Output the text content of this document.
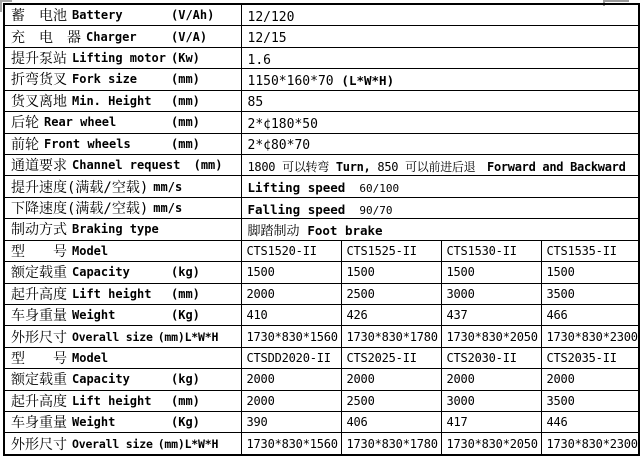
蓄　电池 Battery (V/Ah)	12/120			

充　电　器 Charger (V/A)	12/15			

提升泵站 Lifting motor (Kw)	1.6			

折弯货叉 Fork size (mm)	1150*160*70 (L*W*H)			

货叉离地 Min. Height (mm)	85			

后轮 Rear wheel (mm)	2*¢180*50			

前轮 Front wheels (mm)	2*¢80*70			

通道要求 Channel request (mm)	1800 可以转弯 Turn, 850 可以前进后退　Forward and Backward			

提升速度(满载/空载) mm/s	Lifting speed 60/100			

下降速度(满载/空载) mm/s	Falling speed 90/70			

制动方式 Braking type	脚踏制动 Foot brake			

型　　号 Model	CTS1520-II	CTS1525-II	CTS1530-II	CTS1535-II

额定载重 Capacity (kg)	1500	1500	1500	1500

起升高度 Lift height (mm)	2000	2500	3000	3500

车身重量 Weight (Kg)	410	426	437	466

外形尺寸 Overall size (mm)L*W*H	1730*830*1560	1730*830*1780	1730*830*2050	1730*830*2300

型　　号 Model	CTSDD2020-II	CTS2025-II	CTS2030-II	CTS2035-II

额定载重 Capacity (kg)	2000	2000	2000	2000

起升高度 Lift height (mm)	2000	2500	3000	3500

车身重量 Weight (Kg)	390	406	417	446

外形尺寸 Overall size (mm)L*W*H	1730*830*1560	1730*830*1780	1730*830*2050	1730*830*2300
